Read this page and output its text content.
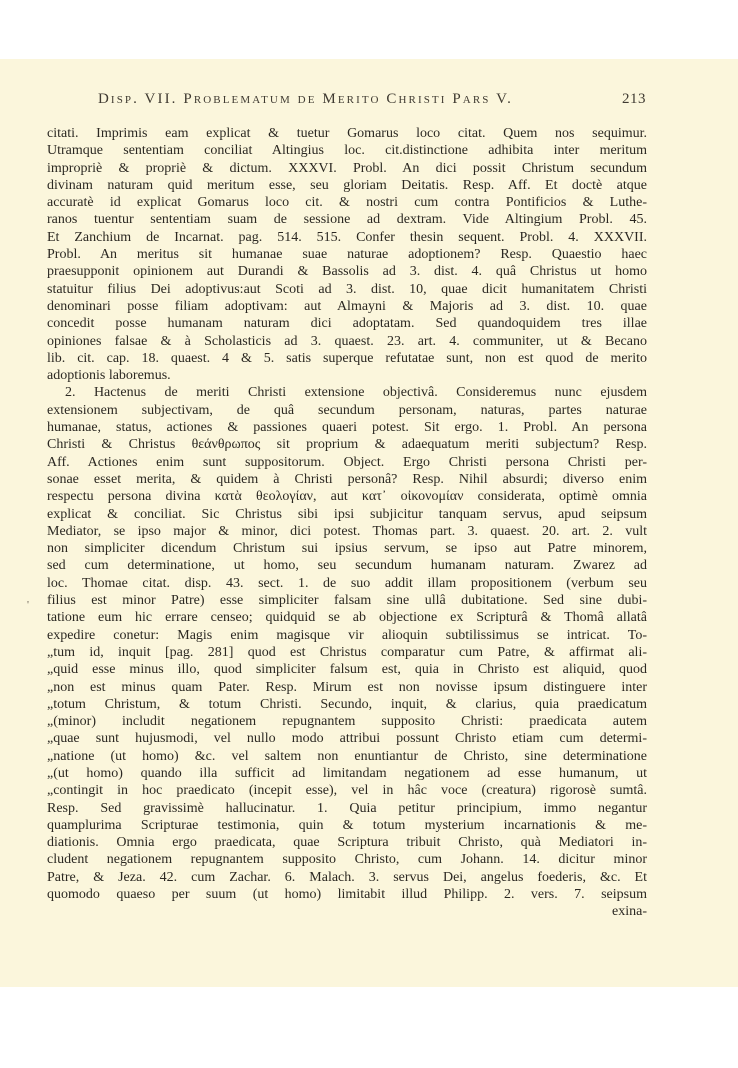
Disp. VII. Problematum de Merito Christi Pars V.	213
'
citati. Imprimis eam explicat & tuetur Gomarus loco citat. Quem nos sequimur.
Utramque sententiam conciliat Altingius loc. cit.distinctione adhibita inter meritum
impropriè & propriè & dictum. XXXVI. Probl. An dici possit Christum secundum
divinam naturam quid meritum esse, seu gloriam Deitatis. Resp. Aff. Et doctè atque
accuratè id explicat Gomarus loco cit. & nostri cum contra Pontificios & Luthe-
ranos tuentur sententiam suam de sessione ad dextram. Vide Altingium Probl. 45.
Et Zanchium de Incarnat. pag. 514. 515. Confer thesin sequent. Probl. 4. XXXVII.
Probl. An meritus sit humanae suae naturae adoptionem? Resp. Quaestio haec
praesupponit opinionem aut Durandi & Bassolis ad 3. dist. 4. quâ Christus ut homo
statuitur filius Dei adoptivus:aut Scoti ad 3. dist. 10, quae dicit humanitatem Christi
denominari posse filiam adoptivam: aut Almayni & Majoris ad 3. dist. 10. quae
concedit posse humanam naturam dici adoptatam. Sed quandoquidem tres illae
opiniones falsae & à Scholasticis ad 3. quaest. 23. art. 4. communiter, ut & Becano
lib. cit. cap. 18. quaest. 4 & 5. satis superque refutatae sunt, non est quod de merito
adoptionis laboremus.
2. Hactenus de meriti Christi extensione objectivâ. Consideremus nunc ejusdem
extensionem subjectivam, de quâ secundum personam, naturas, partes naturae
humanae, status, actiones & passiones quaeri potest. Sit ergo. 1. Probl. An persona
Christi & Christus θεάνθρωπος sit proprium & adaequatum meriti subjectum? Resp.
Aff. Actiones enim sunt suppositorum. Object. Ergo Christi persona Christi per-
sonae esset merita, & quidem à Christi personâ? Resp. Nihil absurdi; diverso enim
respectu persona divina κατὰ θεολογίαν, aut κατ᾽ οἰκονομίαν considerata, optimè omnia
explicat & conciliat. Sic Christus sibi ipsi subjicitur tanquam servus, apud seipsum
Mediator, se ipso major & minor, dici potest. Thomas part. 3. quaest. 20. art. 2. vult
non simpliciter dicendum Christum sui ipsius servum, se ipso aut Patre minorem,
sed cum determinatione, ut homo, seu secundum humanam naturam. Zwarez ad
loc. Thomae citat. disp. 43. sect. 1. de suo addit illam propositionem (verbum seu
filius est minor Patre) esse simpliciter falsam sine ullâ dubitatione. Sed sine dubi-
tatione eum hic errare censeo; quidquid se ab objectione ex Scripturâ & Thomâ allatâ
expedire conetur: Magis enim magisque vir alioquin subtilissimus se intricat. To-
„tum id, inquit [pag. 281] quod est Christus comparatur cum Patre, & affirmat ali-
„quid esse minus illo, quod simpliciter falsum est, quia in Christo est aliquid, quod
„non est minus quam Pater. Resp. Mirum est non novisse ipsum distinguere inter
„totum Christum, & totum Christi. Secundo, inquit, & clarius, quia praedicatum
„(minor) includit negationem repugnantem supposito Christi: praedicata autem
„quae sunt hujusmodi, vel nullo modo attribui possunt Christo etiam cum determi-
„natione (ut homo) &c. vel saltem non enuntiantur de Christo, sine determinatione
„(ut homo) quando illa sufficit ad limitandam negationem ad esse humanum, ut
„contingit in hoc praedicato (incepit esse), vel in hâc voce (creatura) rigorosè sumtâ.
Resp. Sed gravissimè hallucinatur. 1. Quia petitur principium, immo negantur
quamplurima Scripturae testimonia, quin & totum mysterium incarnationis & me-
diationis. Omnia ergo praedicata, quae Scriptura tribuit Christo, quà Mediatori in-
cludent negationem repugnantem supposito Christo, cum Johann. 14. dicitur minor
Patre, & Jeza. 42. cum Zachar. 6. Malach. 3. servus Dei, angelus foederis, &c. Et
quomodo quaeso per suum (ut homo) limitabit illud Philipp. 2. vers. 7. seipsum
exina-
